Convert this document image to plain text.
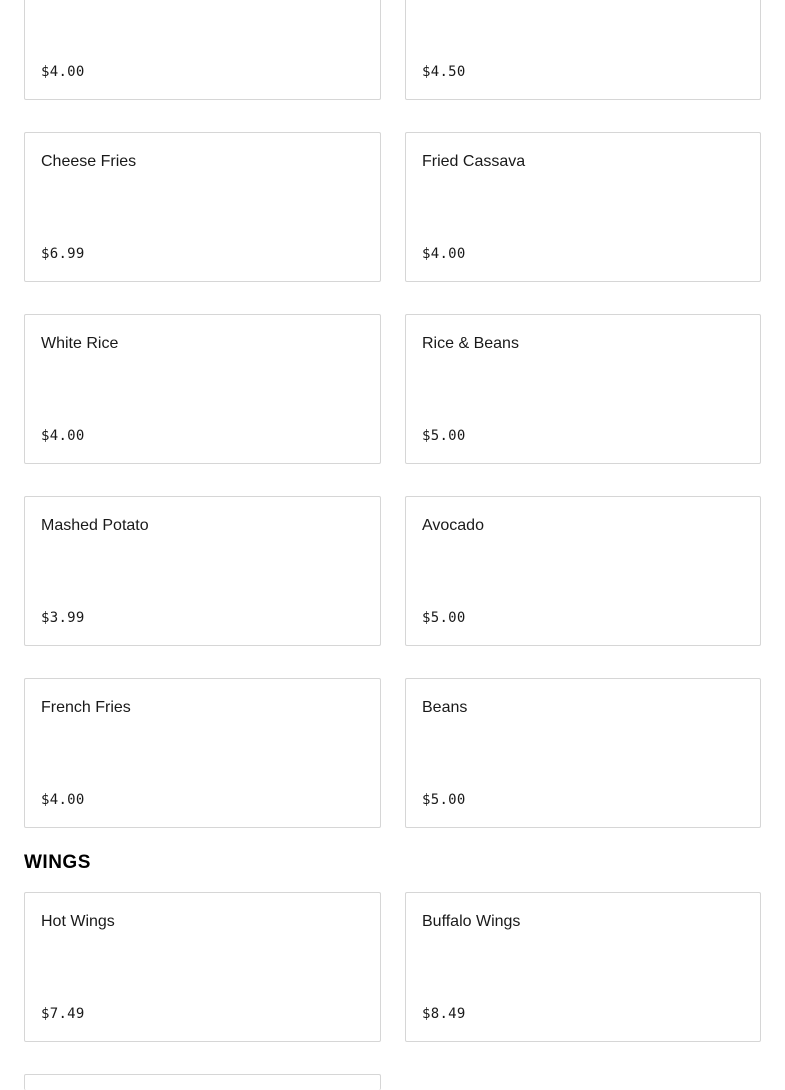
$4.00	$4.50
Cheese Fries
$6.99
Fried Cassava
$4.00
White Rice
$4.00
Rice & Beans
$5.00
Mashed Potato
$3.99
Avocado
$5.00
French Fries
$4.00
Beans
$5.00
WINGS
Hot Wings
$7.49
Buffalo Wings
$8.49
